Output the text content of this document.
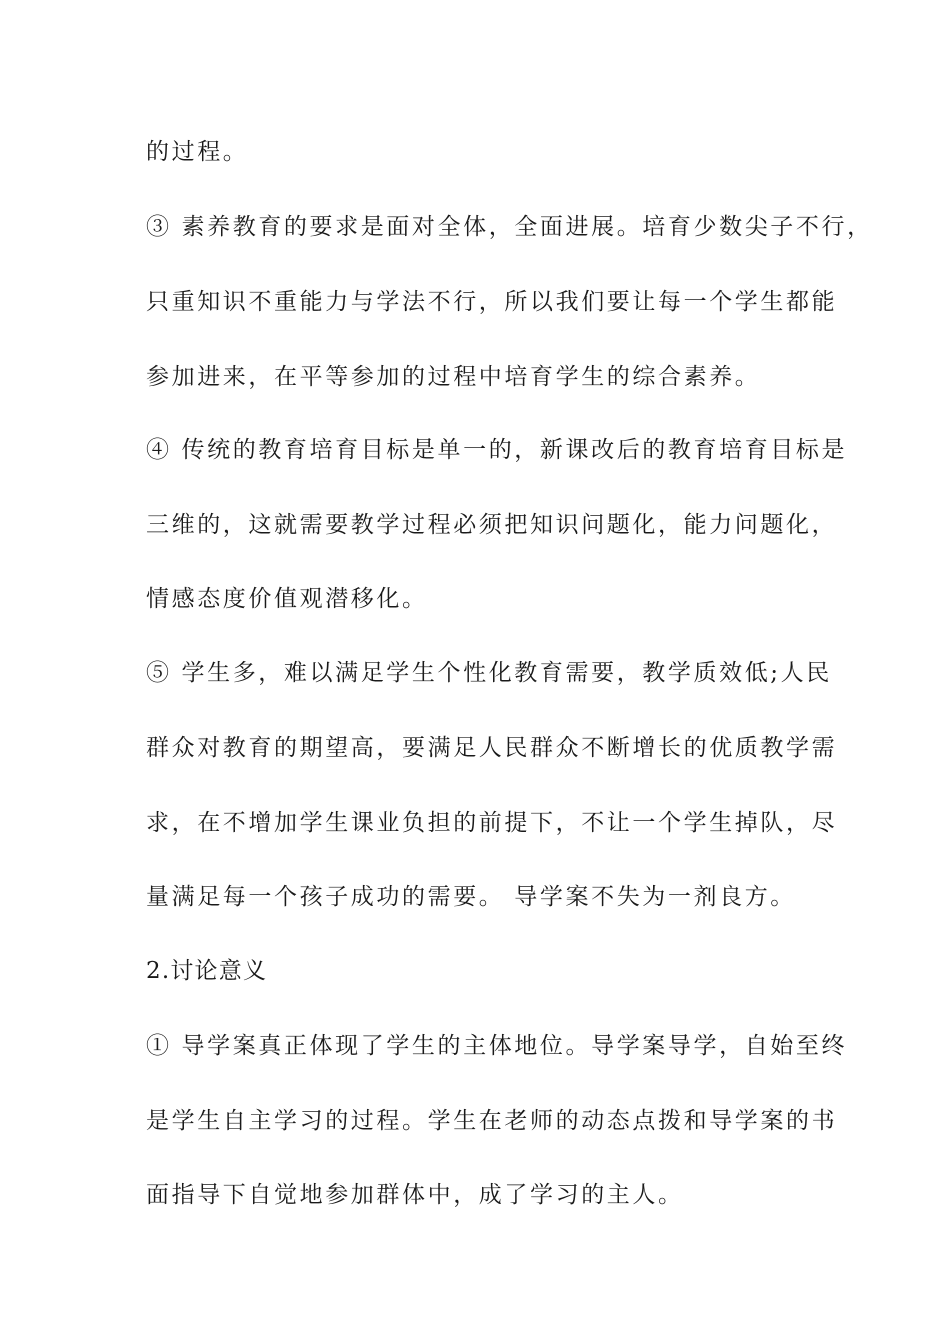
的过程。
③ 素养教育的要求是面对全体，全面进展。培育少数尖子不行，
只重知识不重能力与学法不行，所以我们要让每一个学生都能
参加进来，在平等参加的过程中培育学生的综合素养。
④ 传统的教育培育目标是单一的，新课改后的教育培育目标是
三维的，这就需要教学过程必须把知识问题化，能力问题化，
情感态度价值观潜移化。
⑤ 学生多，难以满足学生个性化教育需要，教学质效低;人民
群众对教育的期望高，要满足人民群众不断增长的优质教学需
求，在不增加学生课业负担的前提下，不让一个学生掉队，尽
量满足每一个孩子成功的需要。 导学案不失为一剂良方。
2.讨论意义
① 导学案真正体现了学生的主体地位。导学案导学，自始至终
是学生自主学习的过程。学生在老师的动态点拨和导学案的书
面指导下自觉地参加群体中，成了学习的主人。
